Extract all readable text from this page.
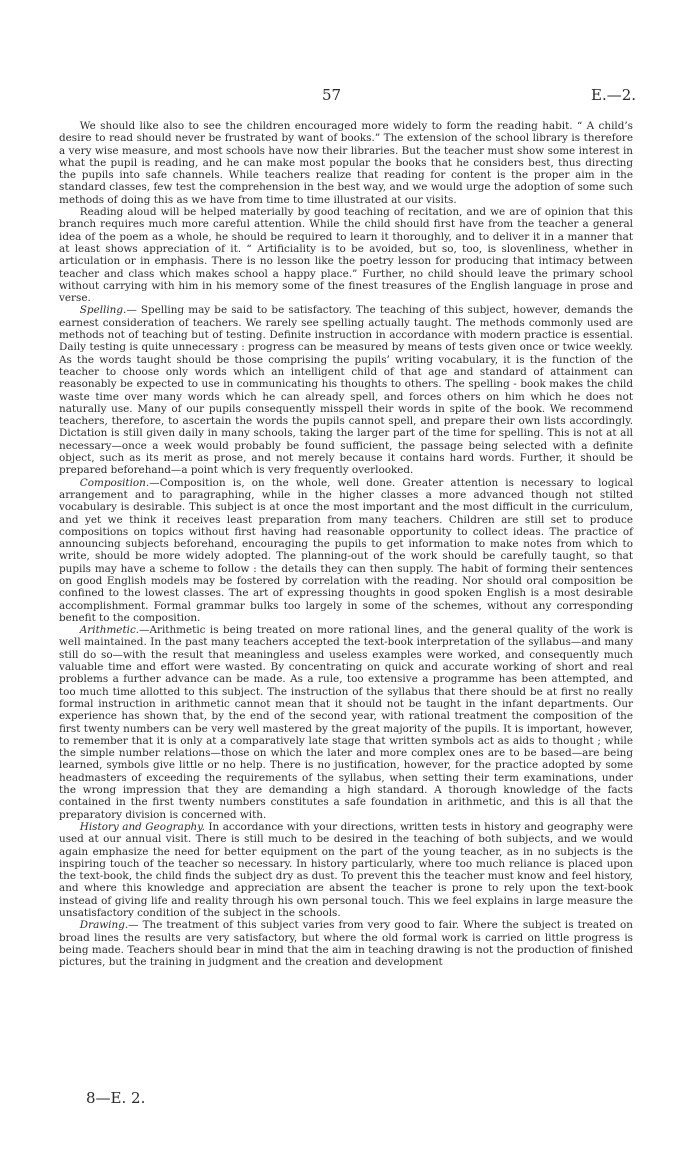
57	E.—2.

We should like also to see the children encouraged more widely to form the reading habit. “ A child’s desire to read should never be frustrated by want of books.” The extension of the school library is therefore a very wise measure, and most schools have now their libraries. But the teacher must show some interest in what the pupil is reading, and he can make most popular the books that he considers best, thus directing the pupils into safe channels. While teachers realize that reading for content is the proper aim in the standard classes, few test the comprehension in the best way, and we would urge the adoption of some such methods of doing this as we have from time to time illustrated at our visits.

Reading aloud will be helped materially by good teaching of recitation, and we are of opinion that this branch requires much more careful attention. While the child should first have from the teacher a general idea of the poem as a whole, he should be required to learn it thoroughly, and to deliver it in a manner that at least shows appreciation of it. “ Artificiality is to be avoided, but so, too, is slovenliness, whether in articulation or in emphasis. There is no lesson like the poetry lesson for producing that intimacy between teacher and class which makes school a happy place.” Further, no child should leave the primary school without carrying with him in his memory some of the finest treasures of the English language in prose and verse.

Spelling.— Spelling may be said to be satisfactory. The teaching of this subject, however, demands the earnest consideration of teachers. We rarely see spelling actually taught. The methods commonly used are methods not of teaching but of testing. Definite instruction in accordance with modern practice is essential. Daily testing is quite unnecessary : progress can be measured by means of tests given once or twice weekly. As the words taught should be those comprising the pupils’ writing vocabulary, it is the function of the teacher to choose only words which an intelligent child of that age and standard of attainment can reasonably be expected to use in communicating his thoughts to others. The spelling - book makes the child waste time over many words which he can already spell, and forces others on him which he does not naturally use. Many of our pupils consequently misspell their words in spite of the book. We recommend teachers, therefore, to ascertain the words the pupils cannot spell, and prepare their own lists accordingly. Dictation is still given daily in many schools, taking the larger part of the time for spelling. This is not at all necessary—once a week would probably be found sufficient, the passage being selected with a definite object, such as its merit as prose, and not merely because it contains hard words. Further, it should be prepared beforehand—a point which is very frequently overlooked.

Composition.—Composition is, on the whole, well done. Greater attention is necessary to logical arrangement and to paragraphing, while in the higher classes a more advanced though not stilted vocabulary is desirable. This subject is at once the most important and the most difficult in the curriculum, and yet we think it receives least preparation from many teachers. Children are still set to produce compositions on topics without first having had reasonable opportunity to collect ideas. The practice of announcing subjects beforehand, encouraging the pupils to get information to make notes from which to write, should be more widely adopted. The planning-out of the work should be carefully taught, so that pupils may have a scheme to follow : the details they can then supply. The habit of forming their sentences on good English models may be fostered by correlation with the reading. Nor should oral composition be confined to the lowest classes. The art of expressing thoughts in good spoken English is a most desirable accomplishment. Formal grammar bulks too largely in some of the schemes, without any corresponding benefit to the composition.

Arithmetic.—Arithmetic is being treated on more rational lines, and the general quality of the work is well maintained. In the past many teachers accepted the text-book interpretation of the syllabus—and many still do so—with the result that meaningless and useless examples were worked, and consequently much valuable time and effort were wasted. By concentrating on quick and accurate working of short and real problems a further advance can be made. As a rule, too extensive a programme has been attempted, and too much time allotted to this subject. The instruction of the syllabus that there should be at first no really formal instruction in arithmetic cannot mean that it should not be taught in the infant departments. Our experience has shown that, by the end of the second year, with rational treatment the composition of the first twenty numbers can be very well mastered by the great majority of the pupils. It is important, however, to remember that it is only at a comparatively late stage that written symbols act as aids to thought ; while the simple number relations—those on which the later and more complex ones are to be based—are being learned, symbols give little or no help. There is no justification, however, for the practice adopted by some headmasters of exceeding the requirements of the syllabus, when setting their term examinations, under the wrong impression that they are demanding a high standard. A thorough knowledge of the facts contained in the first twenty numbers constitutes a safe foundation in arithmetic, and this is all that the preparatory division is concerned with.

History and Geography. In accordance with your directions, written tests in history and geography were used at our annual visit. There is still much to be desired in the teaching of both subjects, and we would again emphasize the need for better equipment on the part of the young teacher, as in no subjects is the inspiring touch of the teacher so necessary. In history particularly, where too much reliance is placed upon the text-book, the child finds the subject dry as dust. To prevent this the teacher must know and feel history, and where this knowledge and appreciation are absent the teacher is prone to rely upon the text-book instead of giving life and reality through his own personal touch. This we feel explains in large measure the unsatisfactory condition of the subject in the schools.

Drawing.— The treatment of this subject varies from very good to fair. Where the subject is treated on broad lines the results are very satisfactory, but where the old formal work is carried on little progress is being made. Teachers should bear in mind that the aim in teaching drawing is not the production of finished pictures, but the training in judgment and the creation and development

8—E. 2.
